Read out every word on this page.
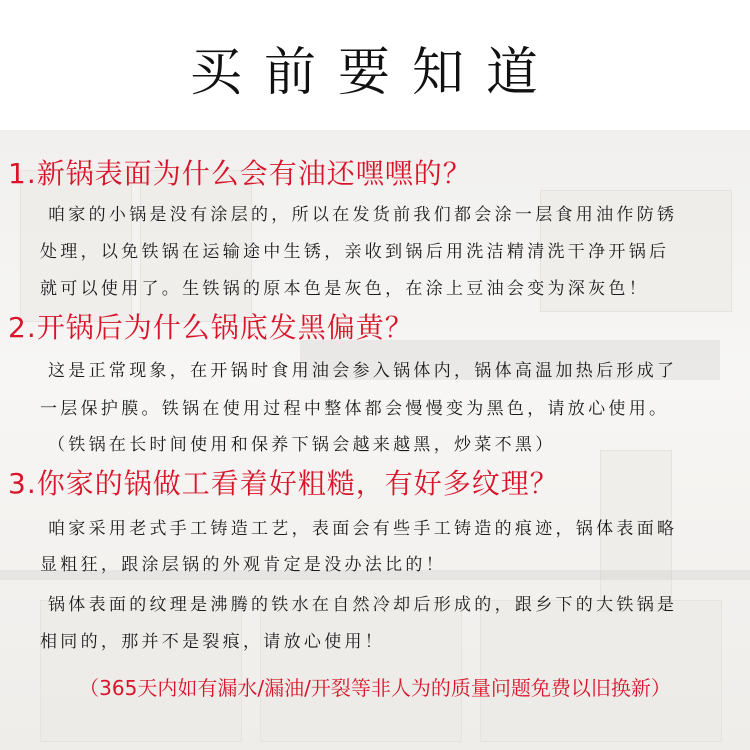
买前要知道
1.新锅表面为什么会有油还嘿嘿的？
咱家的小锅是没有涂层的，所以在发货前我们都会涂一层食用油作防锈
处理，以免铁锅在运输途中生锈，亲收到锅后用洗洁精清洗干净开锅后
就可以使用了。生铁锅的原本色是灰色，在涂上豆油会变为深灰色！
2.开锅后为什么锅底发黑偏黄？
这是正常现象，在开锅时食用油会参入锅体内，锅体高温加热后形成了
一层保护膜。铁锅在使用过程中整体都会慢慢变为黑色，请放心使用。
（铁锅在长时间使用和保养下锅会越来越黑，炒菜不黑）
3.你家的锅做工看着好粗糙，有好多纹理？
咱家采用老式手工铸造工艺，表面会有些手工铸造的痕迹，锅体表面略
显粗狂，跟涂层锅的外观肯定是没办法比的！
锅体表面的纹理是沸腾的铁水在自然冷却后形成的，跟乡下的大铁锅是
相同的，那并不是裂痕，请放心使用！
（365天内如有漏水/漏油/开裂等非人为的质量问题免费以旧换新）
